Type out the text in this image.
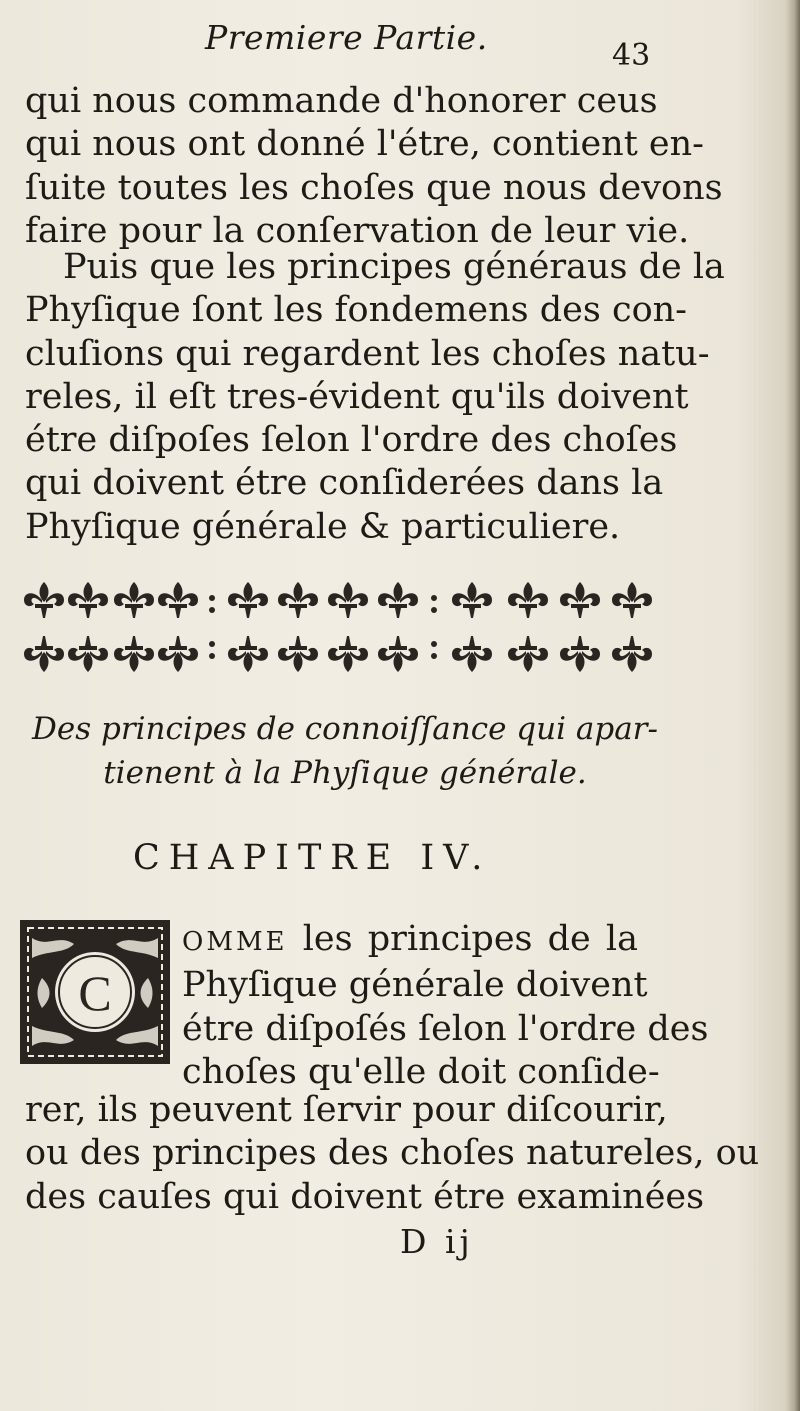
Premiere Partie.	43
qui nous commande d'honorer ceus
qui nous ont donné l'étre, contient en-
ſuite toutes les choſes que nous devons
faire pour la conſervation de leur vie.
Puis que les principes généraus de la
Phyſique ſont les fondemens des con-
cluſions qui regardent les choſes natu-
reles, il eſt tres-évident qu'ils doivent
étre diſpoſes ſelon l'ordre des choſes
qui doivent étre conſiderées dans la
Phyſique générale & particuliere.
Des principes de connoiſſance qui apar-
tienent à la Phyſique générale.
CHAPITRE IV.
C
OMME les principes de la
Phyſique générale doivent
étre diſpoſés ſelon l'ordre des
choſes qu'elle doit conſide-
rer, ils peuvent ſervir pour diſcourir,
ou des principes des choſes natureles, ou
des cauſes qui doivent étre examinées
D ij
